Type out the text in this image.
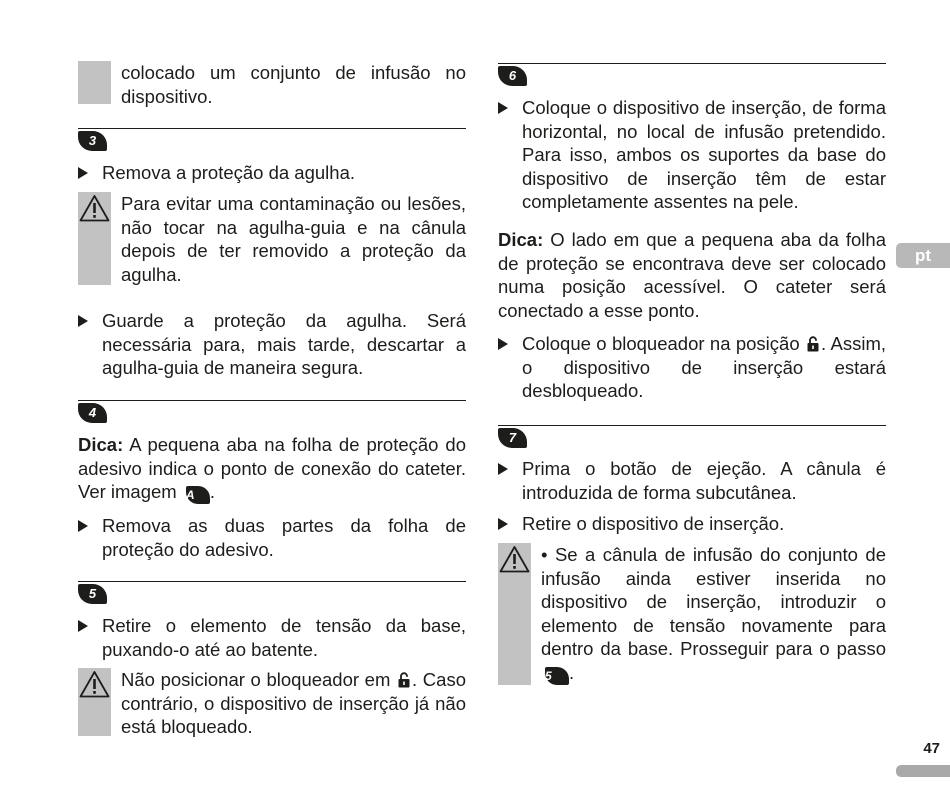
colocado um conjunto de infusão no dispositivo.
3
Remova a proteção da agulha.
Para evitar uma contaminação ou lesões, não tocar na agulha-guia e na cânula depois de ter removido a proteção da agulha.
Guarde a proteção da agulha. Será necessária para, mais tarde, descartar a agulha-guia de maneira segura.
4
Dica: A pequena aba na folha de proteção do adesivo indica o ponto de conexão do cateter. Ver imagem A .
Remova as duas partes da folha de proteção do adesivo.
5
Retire o elemento de tensão da base, puxando-o até ao batente.
Não posicionar o bloqueador em . Caso contrário, o dispositivo de inserção já não está bloqueado.
6
Coloque o dispositivo de inserção, de forma horizontal, no local de infusão pretendido. Para isso, ambos os suportes da base do dispositivo de inserção têm de estar completamente assentes na pele.
Dica: O lado em que a pequena aba da folha de proteção se encontrava deve ser colocado numa posição acessível. O cateter será conectado a esse ponto.
Coloque o bloqueador na posição . Assim, o dispositivo de inserção estará desbloqueado.
7
Prima o botão de ejeção. A cânula é introduzida de forma subcutânea.
Retire o dispositivo de inserção.
• Se a cânula de infusão do conjunto de infusão ainda estiver inserida no dispositivo de inserção, introduzir o elemento de tensão novamente para dentro da base. Prosseguir para o passo 5 .
pt
47
